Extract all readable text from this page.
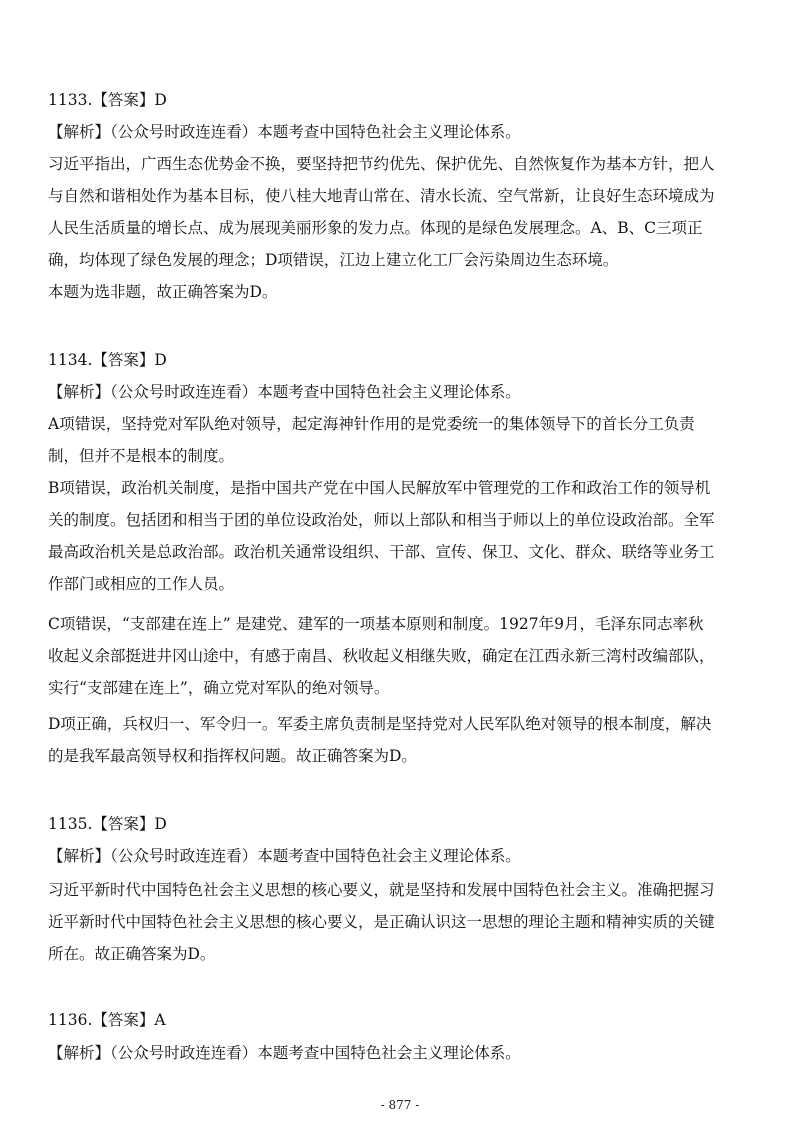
1133.【答案】D
【解析】（公众号时政连连看）本题考查中国特色社会主义理论体系。
习近平指出，广西生态优势金不换，要坚持把节约优先、保护优先、自然恢复作为基本方针，把人
与自然和谐相处作为基本目标，使八桂大地青山常在、清水长流、空气常新，让良好生态环境成为
人民生活质量的增长点、成为展现美丽形象的发力点。体现的是绿色发展理念。A、B、C三项正
确，均体现了绿色发展的理念；D项错误，江边上建立化工厂会污染周边生态环境。
本题为选非题，故正确答案为D。
1134.【答案】D
【解析】（公众号时政连连看）本题考查中国特色社会主义理论体系。
A项错误，坚持党对军队绝对领导，起定海神针作用的是党委统一的集体领导下的首长分工负责
制，但并不是根本的制度。
B项错误，政治机关制度，是指中国共产党在中国人民解放军中管理党的工作和政治工作的领导机
关的制度。包括团和相当于团的单位设政治处，师以上部队和相当于师以上的单位设政治部。全军
最高政治机关是总政治部。政治机关通常设组织、干部、宣传、保卫、文化、群众、联络等业务工
作部门或相应的工作人员。
C项错误，“支部建在连上” 是建党、建军的一项基本原则和制度。1927年9月，毛泽东同志率秋
收起义余部挺进井冈山途中，有感于南昌、秋收起义相继失败，确定在江西永新三湾村改编部队，
实行“支部建在连上”，确立党对军队的绝对领导。
D项正确，兵权归一、军令归一。军委主席负责制是坚持党对人民军队绝对领导的根本制度，解决
的是我军最高领导权和指挥权问题。故正确答案为D。
1135.【答案】D
【解析】（公众号时政连连看）本题考查中国特色社会主义理论体系。
习近平新时代中国特色社会主义思想的核心要义，就是坚持和发展中国特色社会主义。准确把握习
近平新时代中国特色社会主义思想的核心要义，是正确认识这一思想的理论主题和精神实质的关键
所在。故正确答案为D。
1136.【答案】A
【解析】（公众号时政连连看）本题考查中国特色社会主义理论体系。
- 877 -
